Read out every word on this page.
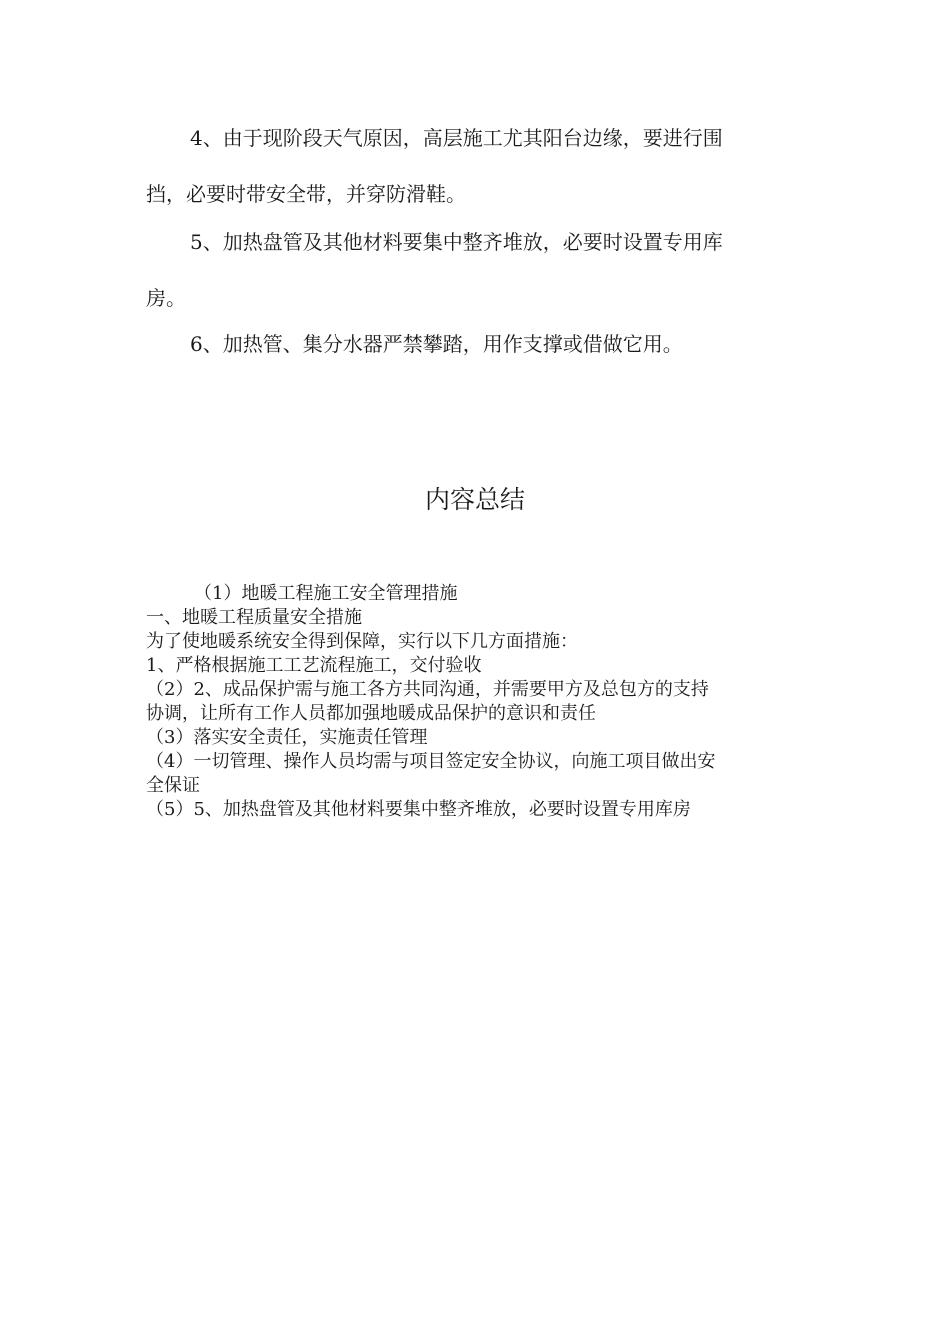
4、由于现阶段天气原因，高层施工尤其阳台边缘，要进行围
挡，必要时带安全带，并穿防滑鞋。

5、加热盘管及其他材料要集中整齐堆放，必要时设置专用库
房。

6、加热管、集分水器严禁攀踏，用作支撑或借做它用。

内容总结
（1）地暖工程施工安全管理措施
一、地暖工程质量安全措施
为了使地暖系统安全得到保障，实行以下几方面措施：
1、严格根据施工工艺流程施工，交付验收
（2）2、成品保护需与施工各方共同沟通，并需要甲方及总包方的支持
协调，让所有工作人员都加强地暖成品保护的意识和责任
（3）落实安全责任，实施责任管理
（4）一切管理、操作人员均需与项目签定安全协议，向施工项目做出安
全保证
（5）5、加热盘管及其他材料要集中整齐堆放，必要时设置专用库房
